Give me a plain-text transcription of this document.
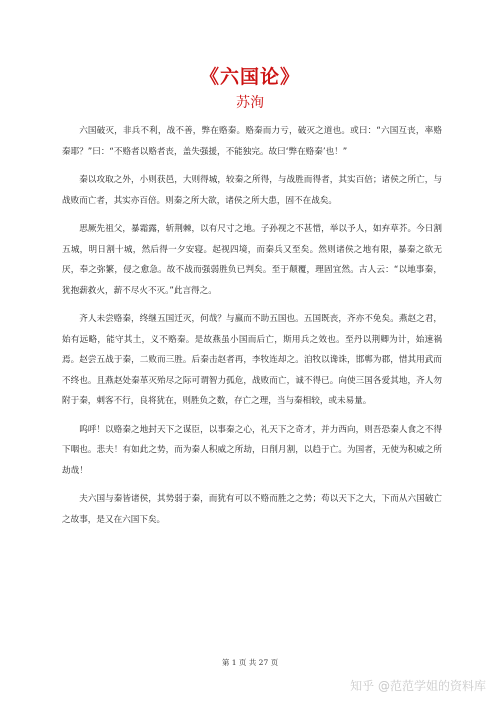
《六国论》
苏洵

六国破灭，非兵不利，战不善，弊在赂秦。赂秦而力亏，破灭之道也。或曰：“六国互丧，率赂秦耶？”曰：“不赂者以赂者丧，盖失强援，不能独完。故曰‘弊在赂秦’也！”

秦以攻取之外，小则获邑，大则得城，较秦之所得，与战胜而得者，其实百倍；诸侯之所亡，与战败而亡者，其实亦百倍。则秦之所大欲，诸侯之所大患，固不在战矣。

思厥先祖父，暴霜露，斩荆棘，以有尺寸之地。子孙视之不甚惜，举以予人，如弃草芥。今日割五城，明日割十城，然后得一夕安寝。起视四境，而秦兵又至矣。然则诸侯之地有限，暴秦之欲无厌，奉之弥繁，侵之愈急。故不战而强弱胜负已判矣。至于颠覆，理固宜然。古人云：“以地事秦，犹抱薪救火，薪不尽火不灭。”此言得之。

齐人未尝赂秦，终继五国迁灭，何哉？与嬴而不助五国也。五国既丧，齐亦不免矣。燕赵之君，始有远略，能守其土，义不赂秦。是故燕虽小国而后亡，斯用兵之效也。至丹以荆卿为计，始速祸焉。赵尝五战于秦，二败而三胜。后秦击赵者再，李牧连却之。洎牧以谗诛，邯郸为郡，惜其用武而不终也。且燕赵处秦革灭殆尽之际可谓智力孤危，战败而亡，诚不得已。向使三国各爱其地，齐人勿附于秦，刺客不行，良将犹在，则胜负之数，存亡之理，当与秦相较，或未易量。

呜呼！以赂秦之地封天下之谋臣，以事秦之心，礼天下之奇才，并力西向，则吾恐秦人食之不得下咽也。悲夫！有如此之势，而为秦人积威之所劫，日削月割，以趋于亡。为国者，无使为积威之所劫哉！

夫六国与秦皆诸侯，其势弱于秦，而犹有可以不赂而胜之之势；苟以天下之大，下而从六国破亡之故事，是又在六国下矣。

第 1 页 共 27 页
知乎 @范范学姐的资料库
